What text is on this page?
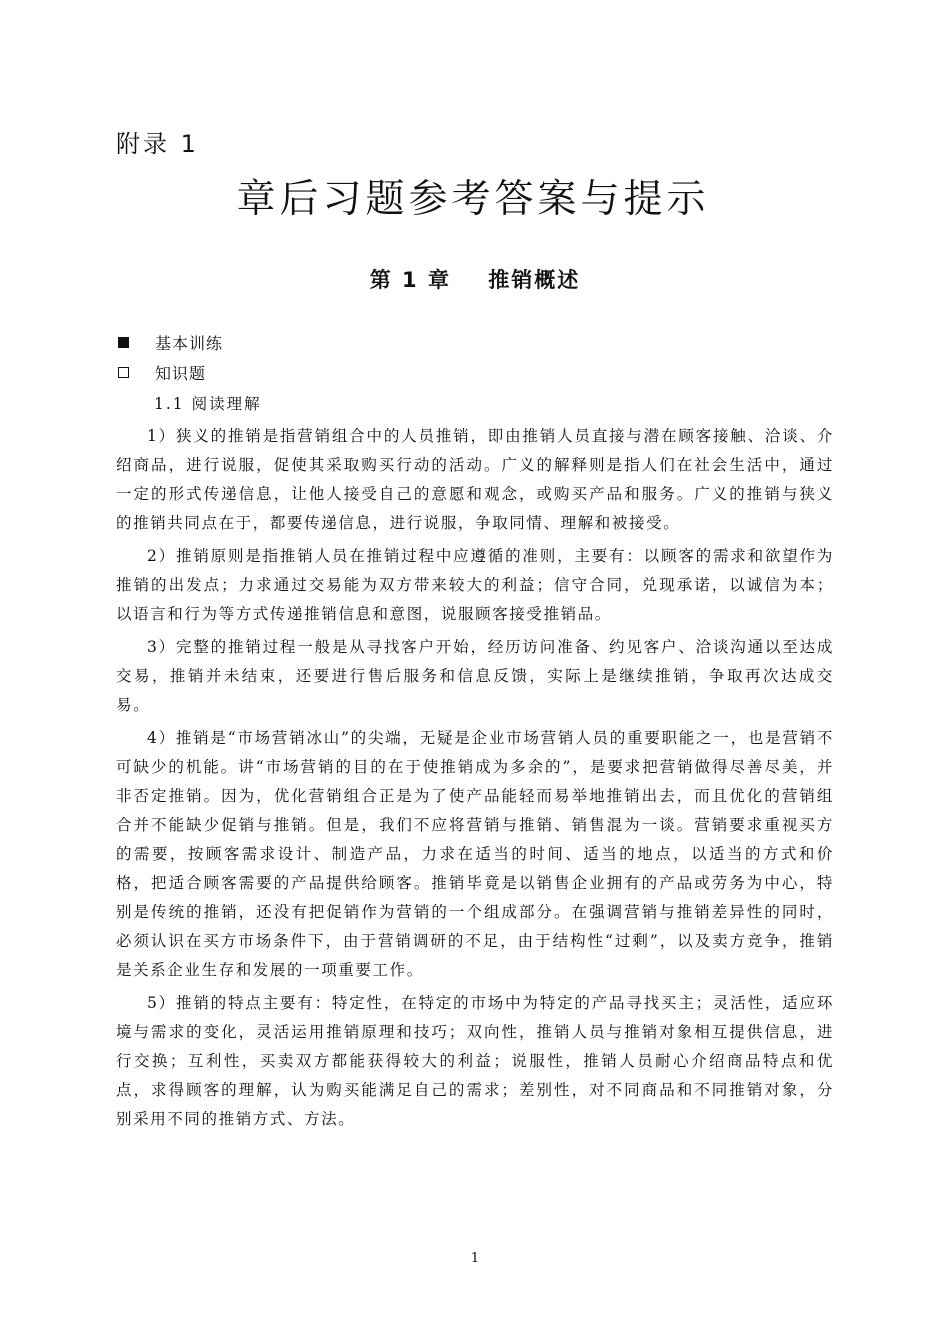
附录 1
章后习题参考答案与提示
第 1 章 推销概述
基本训练
知识题
1.1 阅读理解

1）狭义的推销是指营销组合中的人员推销，即由推销人员直接与潜在顾客接触、洽谈、介绍商品，进行说服，促使其采取购买行动的活动。广义的解释则是指人们在社会生活中，通过一定的形式传递信息，让他人接受自己的意愿和观念，或购买产品和服务。广义的推销与狭义的推销共同点在于，都要传递信息，进行说服，争取同情、理解和被接受。

2）推销原则是指推销人员在推销过程中应遵循的准则，主要有：以顾客的需求和欲望作为推销的出发点；力求通过交易能为双方带来较大的利益；信守合同，兑现承诺，以诚信为本；以语言和行为等方式传递推销信息和意图，说服顾客接受推销品。

3）完整的推销过程一般是从寻找客户开始，经历访问准备、约见客户、洽谈沟通以至达成交易，推销并未结束，还要进行售后服务和信息反馈，实际上是继续推销，争取再次达成交易。

4）推销是“市场营销冰山”的尖端，无疑是企业市场营销人员的重要职能之一，也是营销不可缺少的机能。讲“市场营销的目的在于使推销成为多余的”，是要求把营销做得尽善尽美，并非否定推销。因为，优化营销组合正是为了使产品能轻而易举地推销出去，而且优化的营销组合并不能缺少促销与推销。但是，我们不应将营销与推销、销售混为一谈。营销要求重视买方的需要，按顾客需求设计、制造产品，力求在适当的时间、适当的地点，以适当的方式和价格，把适合顾客需要的产品提供给顾客。推销毕竟是以销售企业拥有的产品或劳务为中心，特别是传统的推销，还没有把促销作为营销的一个组成部分。在强调营销与推销差异性的同时，必须认识在买方市场条件下，由于营销调研的不足，由于结构性“过剩”，以及卖方竞争，推销是关系企业生存和发展的一项重要工作。

5）推销的特点主要有：特定性，在特定的市场中为特定的产品寻找买主；灵活性，适应环境与需求的变化，灵活运用推销原理和技巧；双向性，推销人员与推销对象相互提供信息，进行交换；互利性，买卖双方都能获得较大的利益；说服性，推销人员耐心介绍商品特点和优点，求得顾客的理解，认为购买能满足自己的需求；差别性，对不同商品和不同推销对象，分别采用不同的推销方式、方法。

1
